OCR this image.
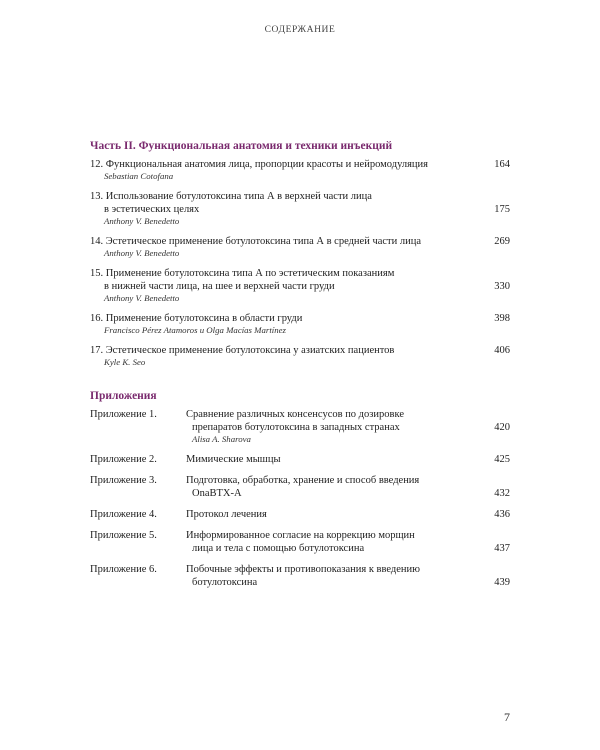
СОДЕРЖАНИЕ
Часть II. Функциональная анатомия и техники инъекций
164
12. Функциональная анатомия лица, пропорции красоты и нейромодуляция
Sebastian Cotofana
175
13. Использование ботулотоксина типа А в верхней части лица
в эстетических целях
Anthony V. Benedetto
269
14. Эстетическое применение ботулотоксина типа А в средней части лица
Anthony V. Benedetto
330
15. Применение ботулотоксина типа А по эстетическим показаниям
в нижней части лица, на шее и верхней части груди
Anthony V. Benedetto
398
16. Применение ботулотоксина в области груди
Francisco Pérez Atamoros и Olga Macías Martínez
406
17. Эстетическое применение ботулотоксина у азиатских пациентов
Kyle K. Seo
Приложения
Приложение 1.
420
Сравнение различных консенсусов по дозировке
препаратов ботулотоксина в западных странах
Alisa A. Sharova
Приложение 2.	425
Мимические мышцы
Приложение 3.
432
Подготовка, обработка, хранение и способ введения
OnaBTX-A
Приложение 4.	436
Протокол лечения
Приложение 5.
437
Информированное согласие на коррекцию морщин
лица и тела с помощью ботулотоксина
Приложение 6.
439
Побочные эффекты и противопоказания к введению
ботулотоксина
7
